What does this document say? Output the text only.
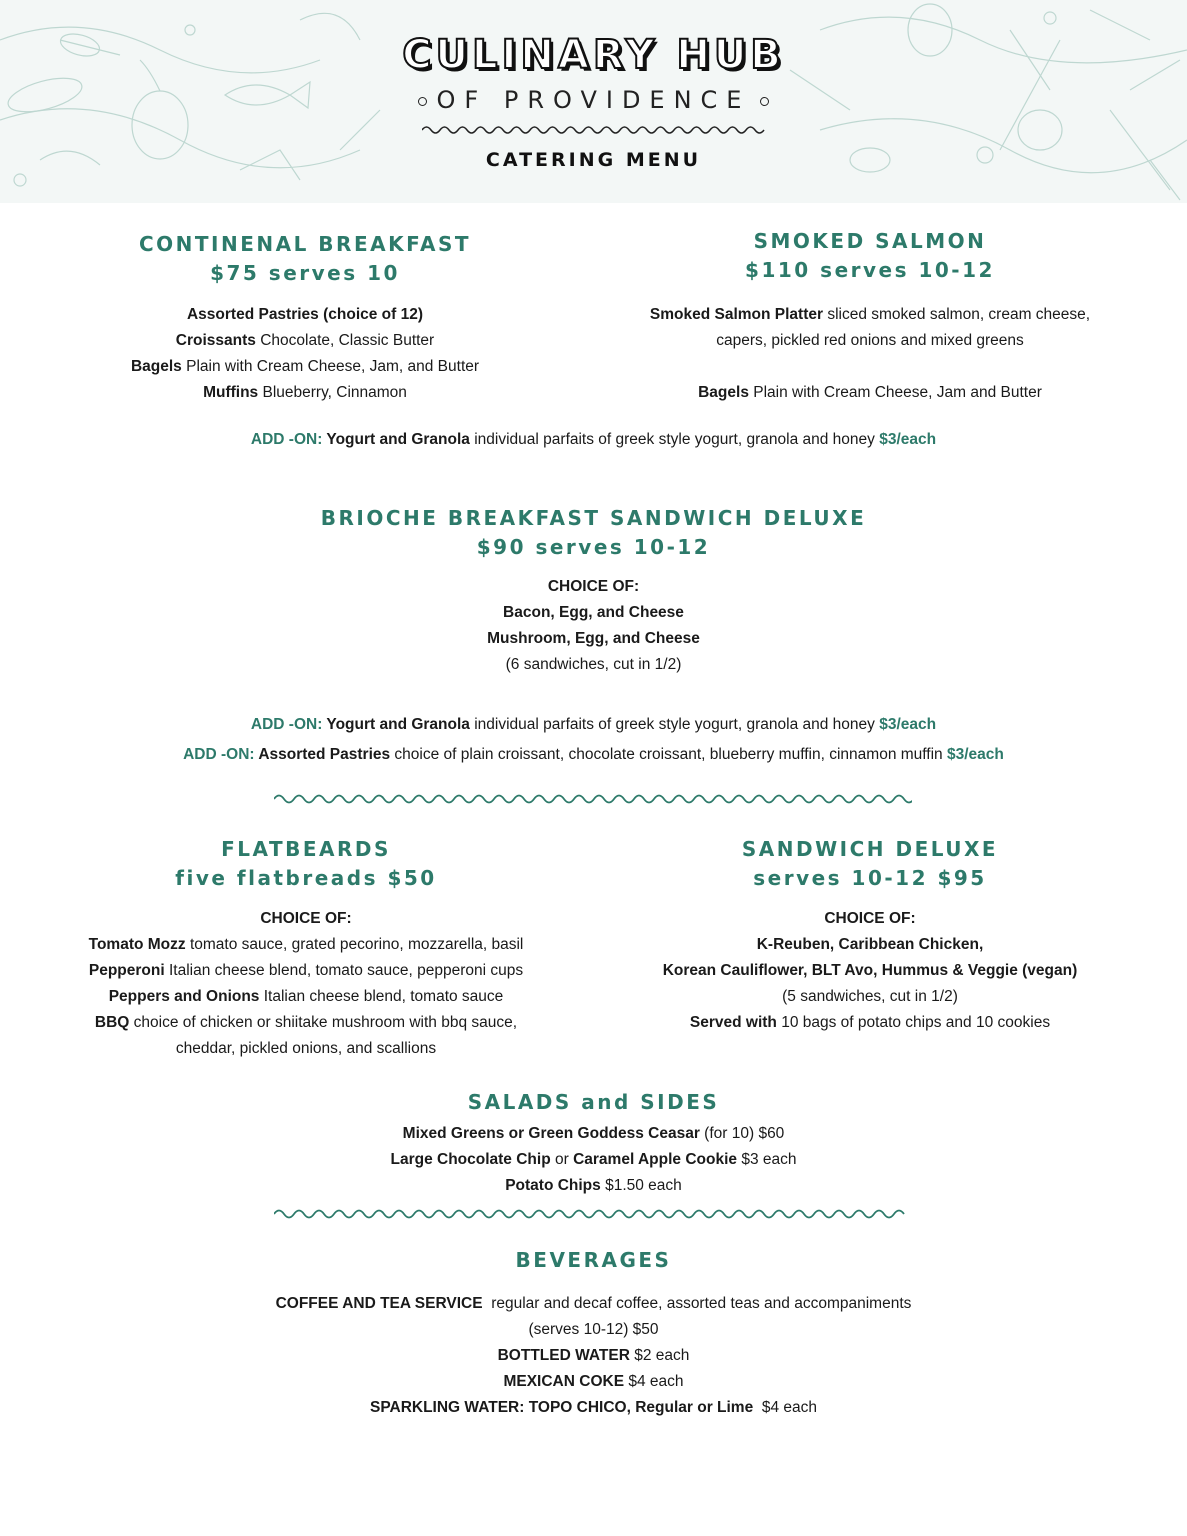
CULINARY HUB
OF PROVIDENCE
CATERING MENU
CONTINENAL BREAKFAST
$75 serves 10
Assorted Pastries (choice of 12)
Croissants Chocolate, Classic Butter
Bagels Plain with Cream Cheese, Jam, and Butter
Muffins Blueberry, Cinnamon
SMOKED SALMON
$110 serves 10-12
Smoked Salmon Platter sliced smoked salmon, cream cheese,
capers, pickled red onions and mixed greens

Bagels Plain with Cream Cheese, Jam and Butter
ADD -ON: Yogurt and Granola individual parfaits of greek style yogurt, granola and honey $3/each
BRIOCHE BREAKFAST SANDWICH DELUXE
$90 serves 10-12
CHOICE OF:
Bacon, Egg, and Cheese
Mushroom, Egg, and Cheese
(6 sandwiches, cut in 1/2)
ADD -ON: Yogurt and Granola individual parfaits of greek style yogurt, granola and honey $3/each
ADD -ON: Assorted Pastries choice of plain croissant, chocolate croissant, blueberry muffin, cinnamon muffin $3/each
FLATBEARDS
five flatbreads $50
CHOICE OF:
Tomato Mozz tomato sauce, grated pecorino, mozzarella, basil
Pepperoni Italian cheese blend, tomato sauce, pepperoni cups
Peppers and Onions Italian cheese blend, tomato sauce
BBQ choice of chicken or shiitake mushroom with bbq sauce,
cheddar, pickled onions, and scallions
SANDWICH DELUXE
serves 10-12 $95
CHOICE OF:
K-Reuben, Caribbean Chicken,
Korean Cauliflower, BLT Avo, Hummus & Veggie (vegan)
(5 sandwiches, cut in 1/2)
Served with 10 bags of potato chips and 10 cookies
SALADS and SIDES
Mixed Greens or Green Goddess Ceasar (for 10) $60
Large Chocolate Chip or Caramel Apple Cookie $3 each
Potato Chips $1.50 each
BEVERAGES
COFFEE AND TEA SERVICE  regular and decaf coffee, assorted teas and accompaniments
(serves 10-12) $50
BOTTLED WATER $2 each
MEXICAN COKE $4 each
SPARKLING WATER: TOPO CHICO, Regular or Lime  $4 each
